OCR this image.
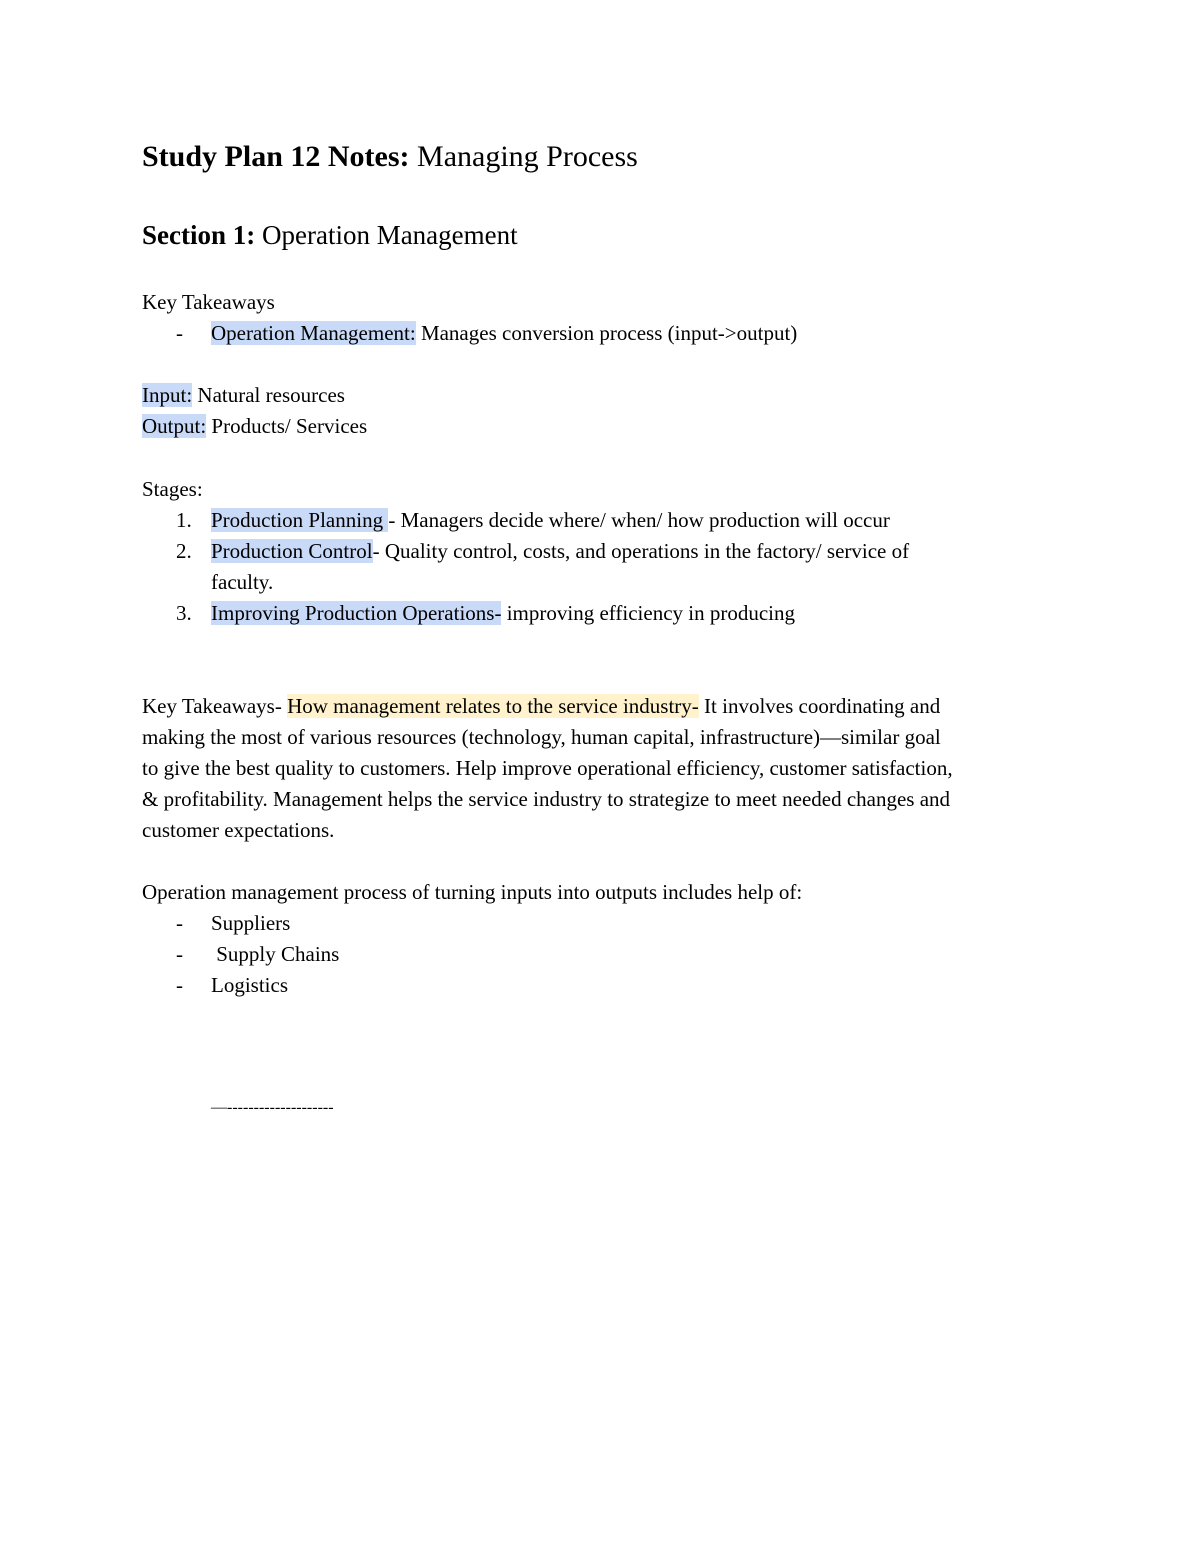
Study Plan 12 Notes: Managing Process
Section 1: Operation Management
Key Takeaways
- Operation Management: Manages conversion process (input->output)
Input: Natural resources
Output: Products/ Services
Stages:
1. Production Planning - Managers decide where/ when/ how production will occur
2. Production Control- Quality control, costs, and operations in the factory/ service of
faculty.
3. Improving Production Operations- improving efficiency in producing
Key Takeaways- How management relates to the service industry- It involves coordinating and
making the most of various resources (technology, human capital, infrastructure)—similar goal
to give the best quality to customers. Help improve operational efficiency, customer satisfaction,
& profitability. Management helps the service industry to strategize to meet needed changes and
customer expectations.
Operation management process of turning inputs into outputs includes help of:
- Suppliers
- Supply Chains
- Logistics
—--------------------
